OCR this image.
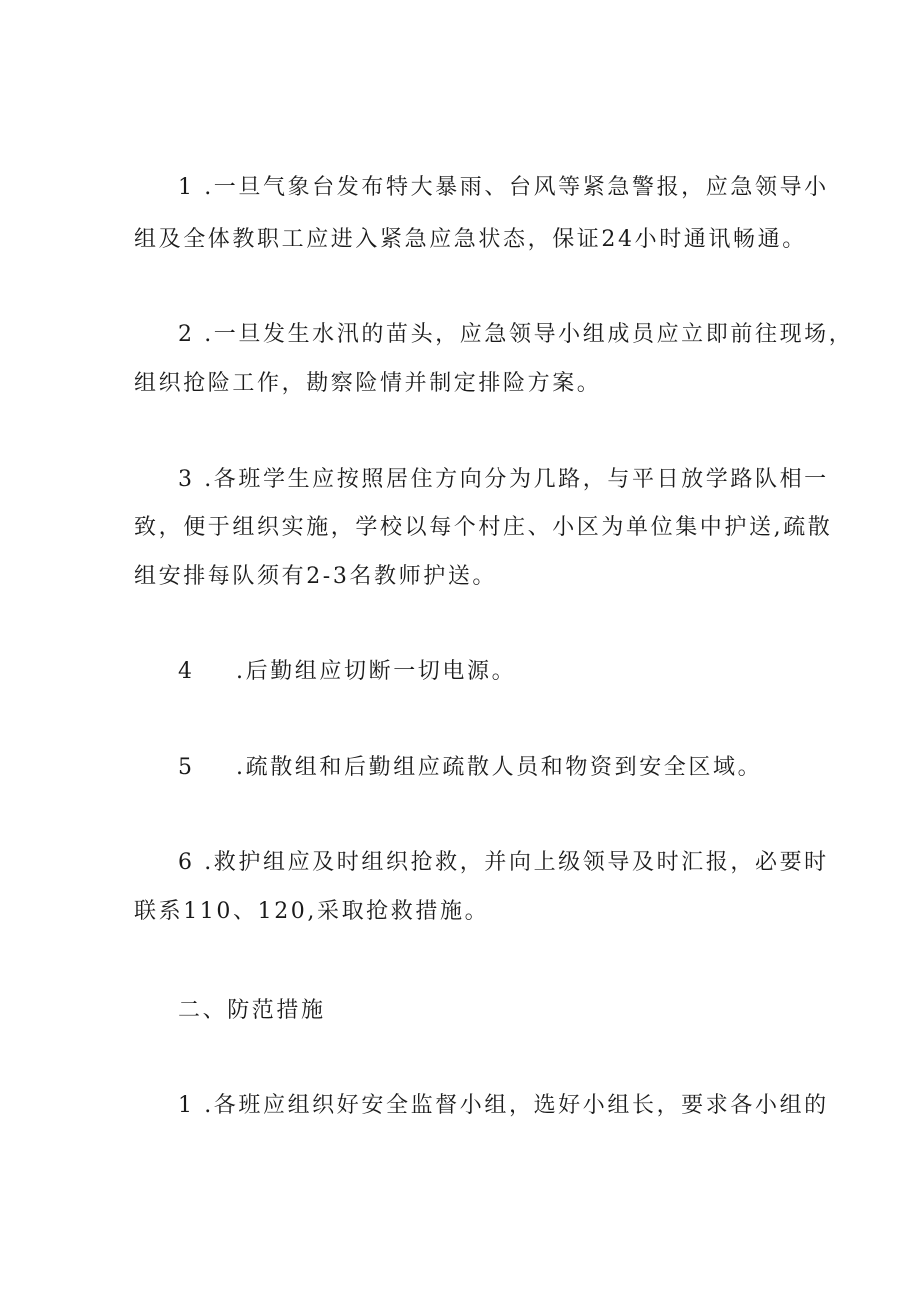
1 .一旦气象台发布特大暴雨、台风等紧急警报，应急领导小
组及全体教职工应进入紧急应急状态，保证24小时通讯畅通。
2 .一旦发生水汛的苗头，应急领导小组成员应立即前往现场，
组织抢险工作，勘察险情并制定排险方案。
3 .各班学生应按照居住方向分为几路，与平日放学路队相一
致，便于组织实施，学校以每个村庄、小区为单位集中护送,疏散
组安排每队须有2-3名教师护送。
4 .后勤组应切断一切电源。
5 .疏散组和后勤组应疏散人员和物资到安全区域。
6 .救护组应及时组织抢救，并向上级领导及时汇报，必要时
联系110、120,采取抢救措施。
二、防范措施
1 .各班应组织好安全监督小组，选好小组长，要求各小组的
